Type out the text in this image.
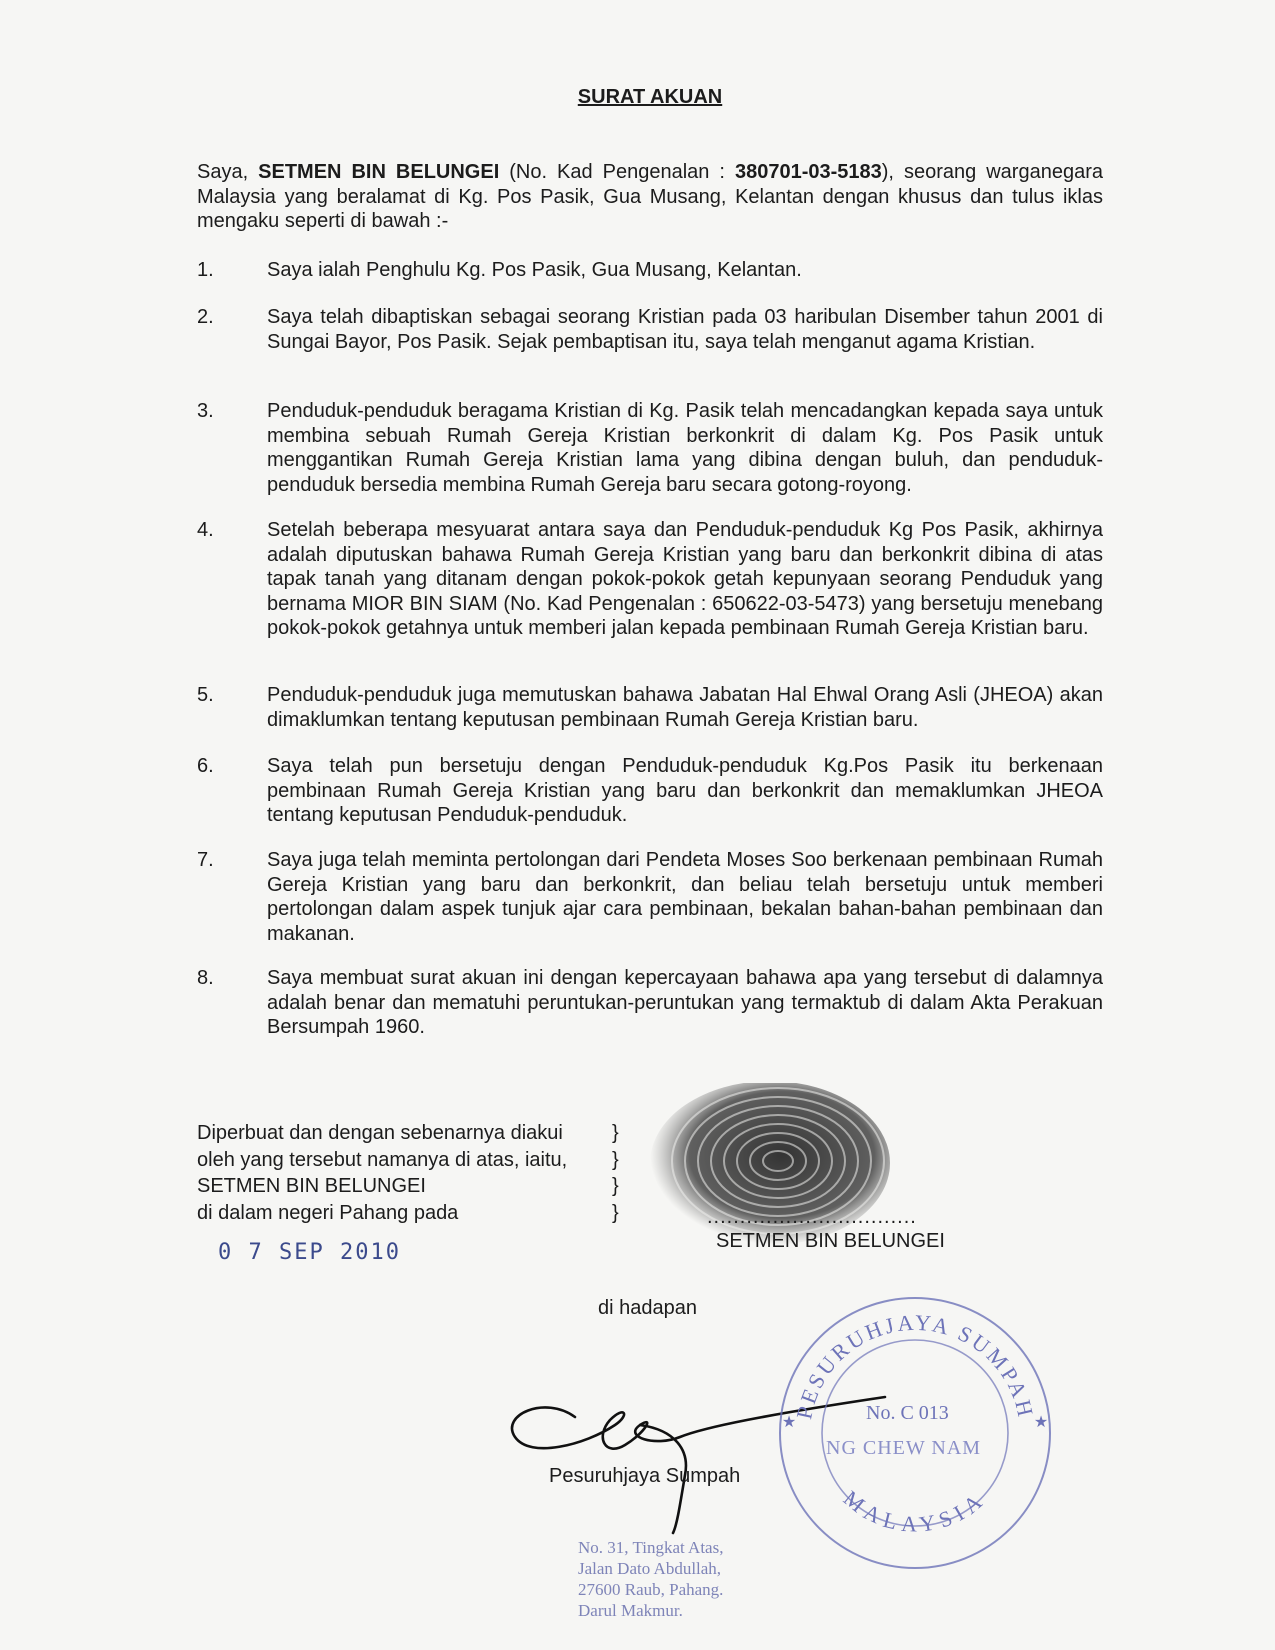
SURAT AKUAN
Saya, SETMEN BIN BELUNGEI (No. Kad Pengenalan : 380701-03-5183), seorang warganegara Malaysia yang beralamat di Kg. Pos Pasik, Gua Musang, Kelantan dengan khusus dan tulus iklas mengaku seperti di bawah :-
1.	Saya ialah Penghulu Kg. Pos Pasik, Gua Musang, Kelantan.
2.	Saya telah dibaptiskan sebagai seorang Kristian pada 03 haribulan Disember tahun 2001 di Sungai Bayor, Pos Pasik. Sejak pembaptisan itu, saya telah menganut agama Kristian.
3.	Penduduk-penduduk beragama Kristian di Kg. Pasik telah mencadangkan kepada saya untuk membina sebuah Rumah Gereja Kristian berkonkrit di dalam Kg. Pos Pasik untuk menggantikan Rumah Gereja Kristian lama yang dibina dengan buluh, dan penduduk-penduduk bersedia membina Rumah Gereja baru secara gotong-royong.
4.	Setelah beberapa mesyuarat antara saya dan Penduduk-penduduk Kg Pos Pasik, akhirnya adalah diputuskan bahawa Rumah Gereja Kristian yang baru dan berkonkrit dibina di atas tapak tanah yang ditanam dengan pokok-pokok getah kepunyaan seorang Penduduk yang bernama MIOR BIN SIAM (No. Kad Pengenalan : 650622-03-5473) yang bersetuju menebang pokok-pokok getahnya untuk memberi jalan kepada pembinaan Rumah Gereja Kristian baru.
5.	Penduduk-penduduk juga memutuskan bahawa Jabatan Hal Ehwal Orang Asli (JHEOA) akan dimaklumkan tentang keputusan pembinaan Rumah Gereja Kristian baru.
6.	Saya telah pun bersetuju dengan Penduduk-penduduk Kg.Pos Pasik itu berkenaan pembinaan Rumah Gereja Kristian yang baru dan berkonkrit dan memaklumkan JHEOA tentang keputusan Penduduk-penduduk.
7.	Saya juga telah meminta pertolongan dari Pendeta Moses Soo berkenaan pembinaan Rumah Gereja Kristian yang baru dan berkonkrit, dan beliau telah bersetuju untuk memberi pertolongan dalam aspek tunjuk ajar cara pembinaan, bekalan bahan-bahan pembinaan dan makanan.
8.	Saya membuat surat akuan ini dengan kepercayaan bahawa apa yang tersebut di dalamnya adalah benar dan mematuhi peruntukan-peruntukan yang termaktub di dalam Akta Perakuan Bersumpah 1960.
Diperbuat dan dengan sebenarnya diakui
oleh yang tersebut namanya di atas, iaitu,
SETMEN BIN BELUNGEI
di dalam negeri Pahang pada
}
}
}
}
0 7 SEP 2010
................................
SETMEN BIN BELUNGEI
di hadapan
Pesuruhjaya Sumpah
PESURUHJAYA SUMPAH
MALAYSIA
★	★
No. C 013
NG CHEW NAM
No. 31, Tingkat Atas,
Jalan Dato Abdullah,
27600 Raub, Pahang.
Darul Makmur.
